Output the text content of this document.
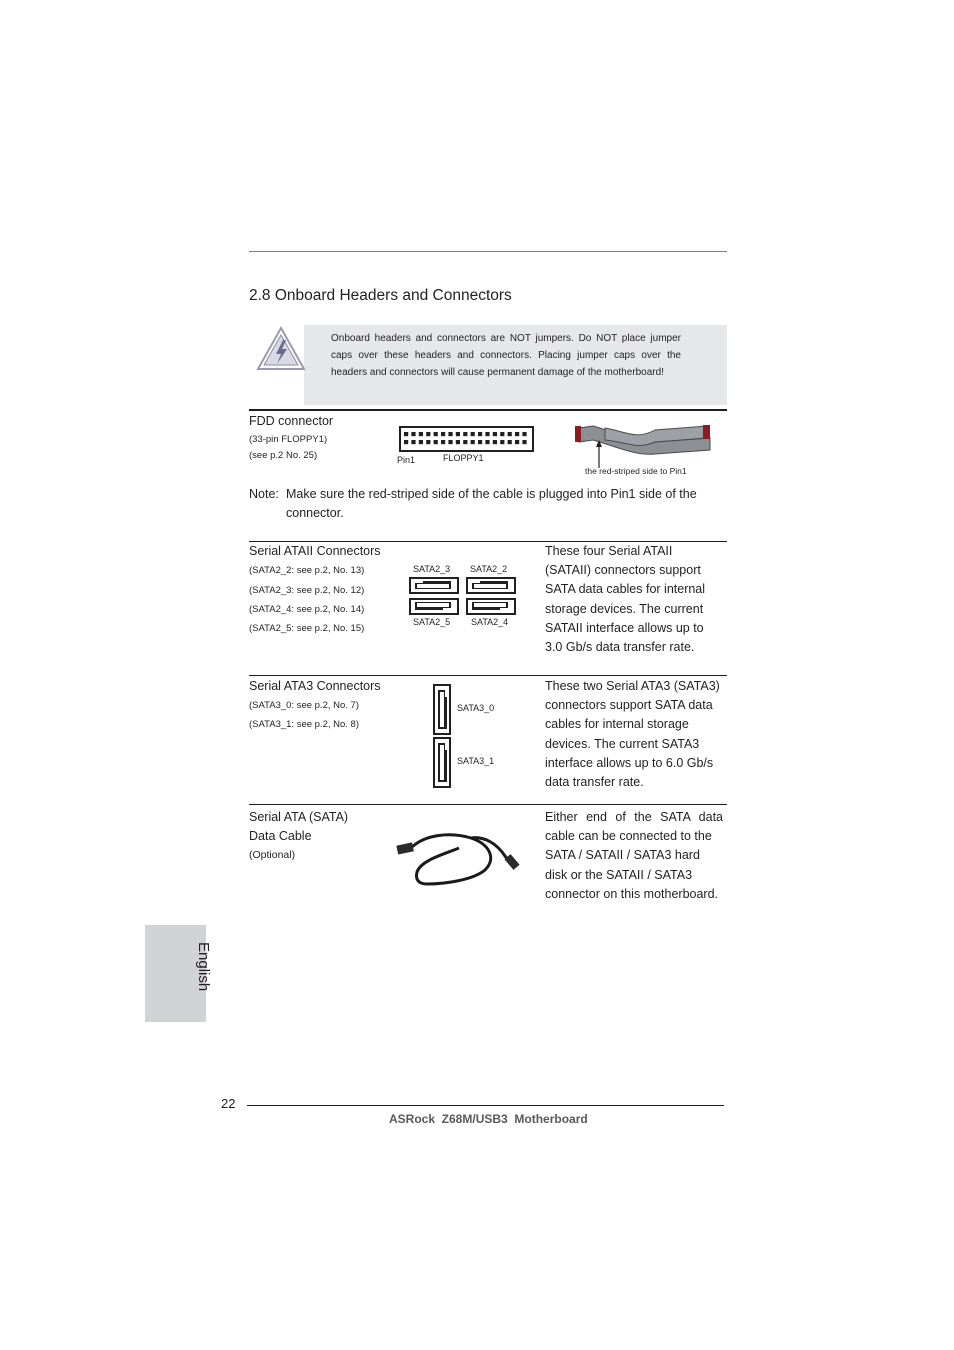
2.8 Onboard Headers and Connectors
Onboard headers and connectors are NOT jumpers. Do NOT place jumper caps over these headers and connectors. Placing jumper caps over the headers and connectors will cause permanent damage of the motherboard!
FDD connector
(33-pin FLOPPY1)
(see p.2 No. 25)	Pin1	FLOPPY1
the red-striped side to Pin1
Note: Make sure the red-striped side of the cable is plugged into Pin1 side of the connector.
Serial ATAII Connectors
(SATA2_2: see p.2, No. 13)
(SATA2_3: see p.2, No. 12)
(SATA2_4: see p.2, No. 14)
(SATA2_5: see p.2, No. 15)
SATA2_3 SATA2_2
SATA2_5 SATA2_4
These four Serial ATAII
(SATAII) connectors support
SATA data cables for internal
storage devices. The current
SATAII interface allows up to
3.0 Gb/s data transfer rate.
Serial ATA3 Connectors
(SATA3_0: see p.2, No. 7)
(SATA3_1: see p.2, No. 8)
SATA3_0
SATA3_1
These two Serial ATA3 (SATA3)
connectors support SATA data
cables for internal storage
devices. The current SATA3
interface allows up to 6.0 Gb/s
data transfer rate.
Serial ATA (SATA)
Data Cable
(Optional)
Either end of the SATA data
cable can be connected to the
SATA / SATAII / SATA3 hard
disk or the SATAII / SATA3
connector on this motherboard.
English
22
ASRock  Z68M/USB3  Motherboard
